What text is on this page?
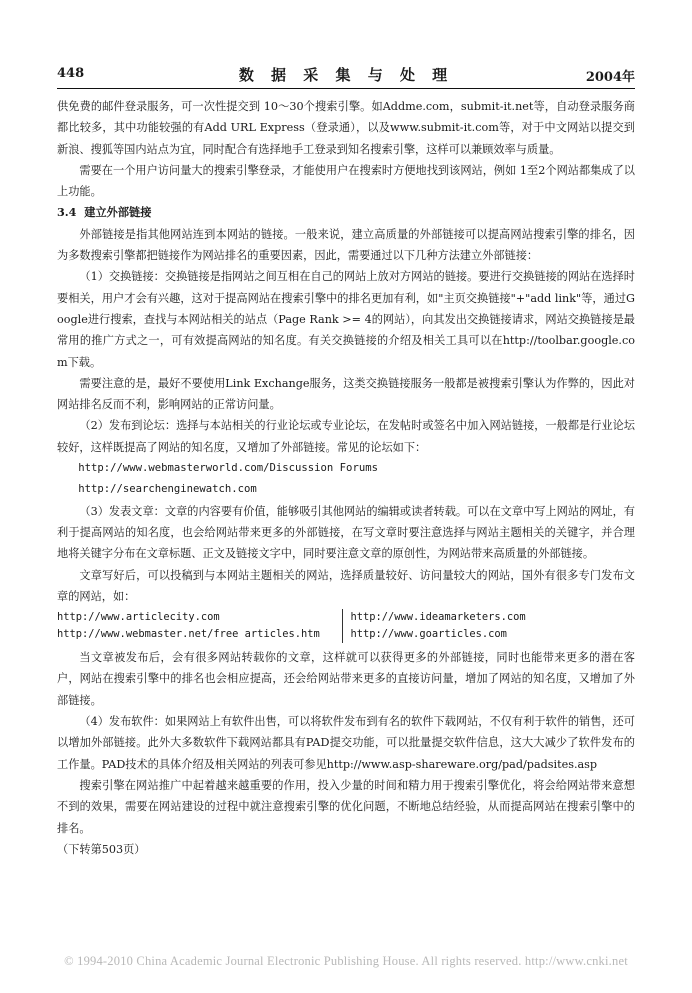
448	数 据 采 集 与 处 理	2004年

供免费的邮件登录服务，可一次性提交到 10～30个搜索引擎。如Addme.com，submit-it.net等，自动登录服务商都比较多，其中功能较强的有Add URL Express（登录通），以及www.submit-it.com等，对于中文网站以提交到新浪、搜狐等国内站点为宜，同时配合有选择地手工登录到知名搜索引擎，这样可以兼顾效率与质量。

需要在一个用户访问量大的搜索引擎登录，才能使用户在搜索时方便地找到该网站，例如 1至2个网站都集成了以上功能。

3.4 建立外部链接

外部链接是指其他网站连到本网站的链接。一般来说，建立高质量的外部链接可以提高网站搜索引擎的排名，因为多数搜索引擎都把链接作为网站排名的重要因素，因此，需要通过以下几种方法建立外部链接：

（1）交换链接：交换链接是指网站之间互相在自己的网站上放对方网站的链接。要进行交换链接的网站在选择时要相关，用户才会有兴趣，这对于提高网站在搜索引擎中的排名更加有利，如"主页交换链接"+"add link"等，通过Google进行搜索，查找与本网站相关的站点（Page Rank >= 4的网站），向其发出交换链接请求，网站交换链接是最常用的推广方式之一，可有效提高网站的知名度。有关交换链接的介绍及相关工具可以在http://toolbar.google.com下载。

需要注意的是，最好不要使用Link Exchange服务，这类交换链接服务一般都是被搜索引擎认为作弊的，因此对网站排名反而不利，影响网站的正常访问量。

（2）发布到论坛：选择与本站相关的行业论坛或专业论坛，在发帖时或签名中加入网站链接，一般都是行业论坛较好，这样既提高了网站的知名度，又增加了外部链接。常见的论坛如下：

http://www.webmasterworld.com/Discussion Forums

http://searchenginewatch.com

（3）发表文章：文章的内容要有价值，能够吸引其他网站的编辑或读者转载。可以在文章中写上网站的网址，有利于提高网站的知名度，也会给网站带来更多的外部链接，在写文章时要注意选择与网站主题相关的关键字，并合理地将关键字分布在文章标题、正文及链接文字中，同时要注意文章的原创性，为网站带来高质量的外部链接。

文章写好后，可以投稿到与本网站主题相关的网站，选择质量较好、访问量较大的网站，国外有很多专门发布文章的网站，如：

http://www.articlecity.com
http://www.webmaster.net/free articles.htm
http://www.ideamarketers.com
http://www.goarticles.com

当文章被发布后，会有很多网站转载你的文章，这样就可以获得更多的外部链接，同时也能带来更多的潜在客户，网站在搜索引擎中的排名也会相应提高，还会给网站带来更多的直接访问量，增加了网站的知名度，又增加了外部链接。

（4）发布软件：如果网站上有软件出售，可以将软件发布到有名的软件下载网站，不仅有利于软件的销售，还可以增加外部链接。此外大多数软件下载网站都具有PAD提交功能，可以批量提交软件信息，这大大减少了软件发布的工作量。PAD技术的具体介绍及相关网站的列表可参见http://www.asp-shareware.org/pad/padsites.asp

搜索引擎在网站推广中起着越来越重要的作用，投入少量的时间和精力用于搜索引擎优化，将会给网站带来意想不到的效果，需要在网站建设的过程中就注意搜索引擎的优化问题，不断地总结经验，从而提高网站在搜索引擎中的排名。

（下转第503页）

© 1994-2010 China Academic Journal Electronic Publishing House. All rights reserved. http://www.cnki.net
